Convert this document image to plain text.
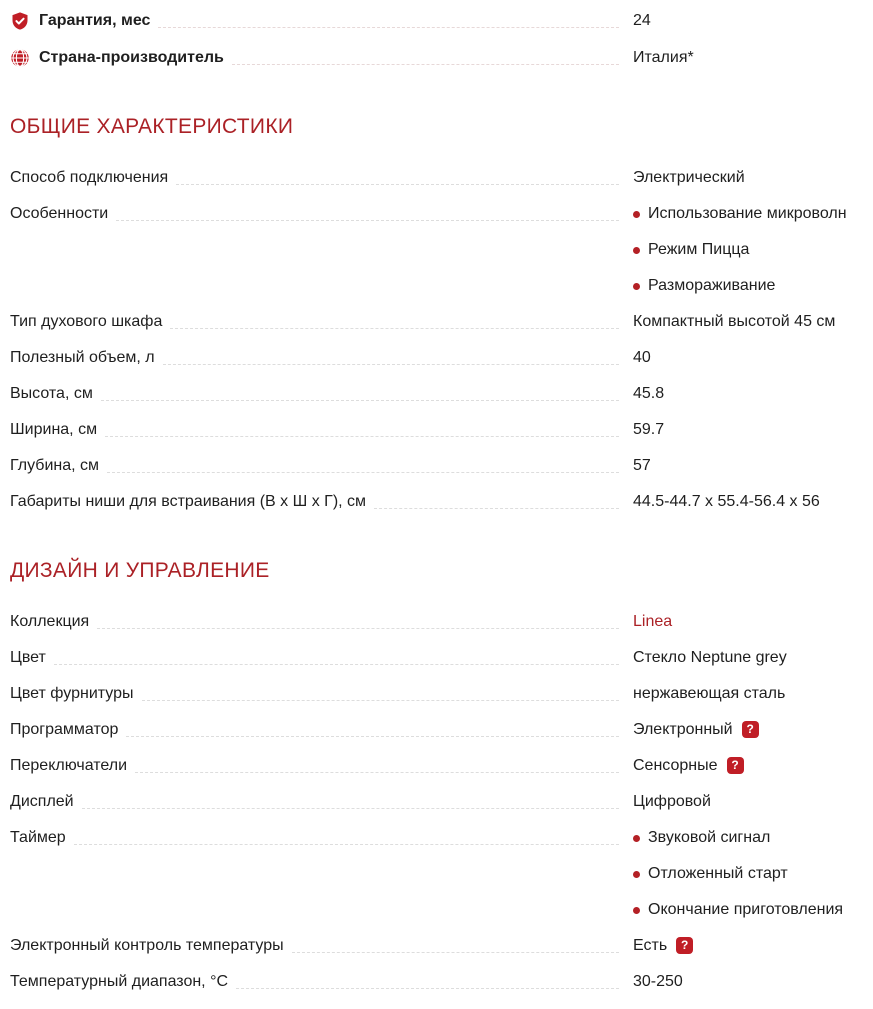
Гарантия, мес	24
Страна-производитель	Италия*
ОБЩИЕ ХАРАКТЕРИСТИКИ
Способ подключения	Электрический
Особенности	Использование микроволн
Режим Пицца
Размораживание
Тип духового шкафа	Компактный высотой 45 см
Полезный объем, л	40
Высота, см	45.8
Ширина, см	59.7
Глубина, см	57
Габариты ниши для встраивания (В х Ш х Г), см	44.5-44.7 х 55.4-56.4 х 56
ДИЗАЙН И УПРАВЛЕНИЕ
Коллекция	Linea
Цвет	Стекло Neptune grey
Цвет фурнитуры	нержавеющая сталь
Программатор	Электронный ?
Переключатели	Сенсорные ?
Дисплей	Цифровой
Таймер	Звуковой сигнал
Отложенный старт
Окончание приготовления
Электронный контроль температуры	Есть ?
Температурный диапазон, °С	30-250
